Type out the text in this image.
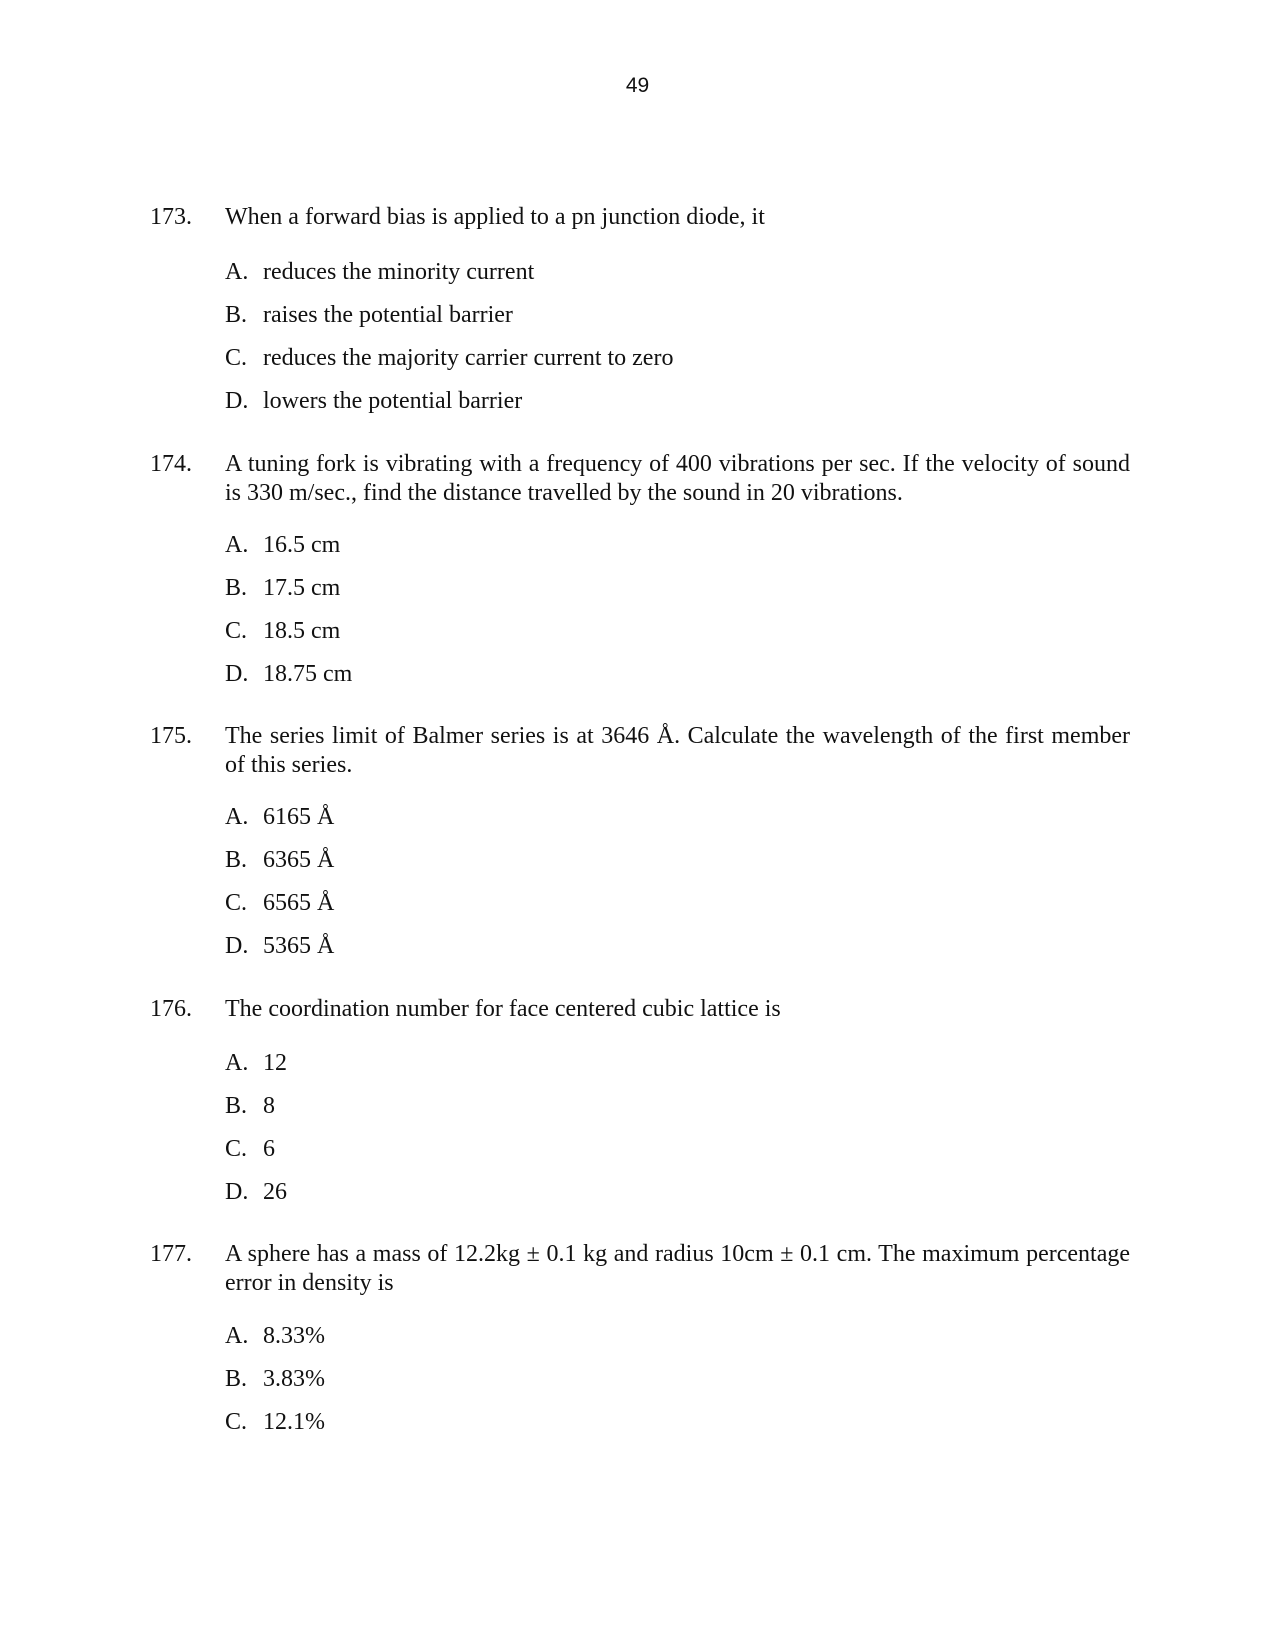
49
173. When a forward bias is applied to a pn junction diode, it
A. reduces the minority current
B. raises the potential barrier
C. reduces the majority carrier current to zero
D. lowers the potential barrier
174. A tuning fork is vibrating with a frequency of 400 vibrations per sec. If the velocity of sound is 330 m/sec., find the distance travelled by the sound in 20 vibrations.
A. 16.5 cm
B. 17.5 cm
C. 18.5 cm
D. 18.75 cm
175. The series limit of Balmer series is at 3646 Å. Calculate the wavelength of the first member of this series.
A. 6165 Å
B. 6365 Å
C. 6565 Å
D. 5365 Å
176. The coordination number for face centered cubic lattice is
A. 12
B. 8
C. 6
D. 26
177. A sphere has a mass of 12.2kg ± 0.1 kg and radius 10cm ± 0.1 cm. The maximum percentage error in density is
A. 8.33%
B. 3.83%
C. 12.1%
